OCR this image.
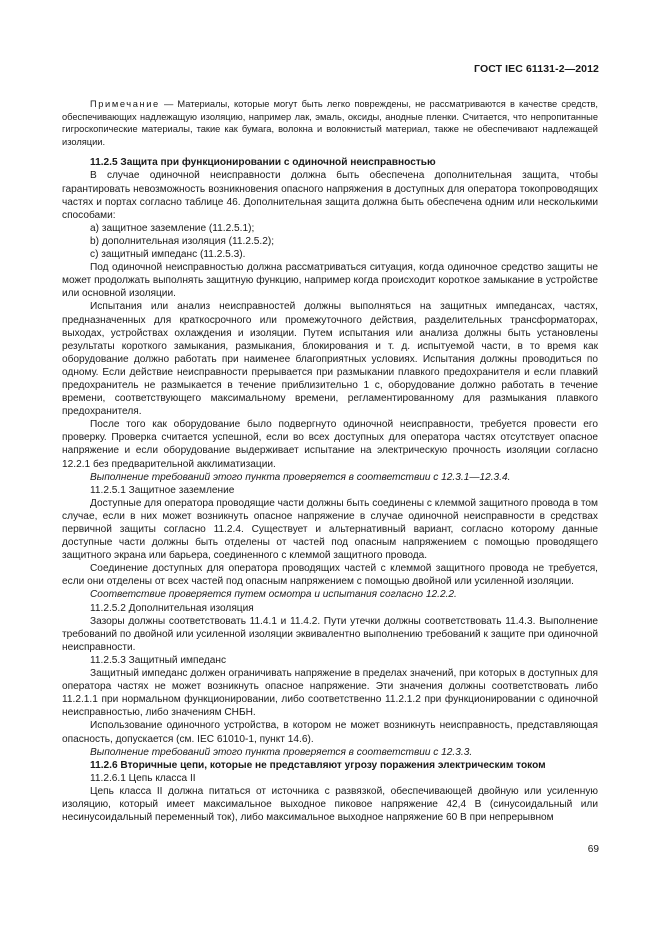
ГОСТ IEC 61131-2—2012

Примечание — Материалы, которые могут быть легко повреждены, не рассматриваются в качестве средств, обеспечивающих надлежащую изоляцию, например лак, эмаль, оксиды, анодные пленки. Считается, что непропитанные гигроскопические материалы, такие как бумага, волокна и волокнистый материал, также не обеспечивают надлежащей изоляции.

11.2.5 Защита при функционировании с одиночной неисправностью

В случае одиночной неисправности должна быть обеспечена дополнительная защита, чтобы гарантировать невозможность возникновения опасного напряжения в доступных для оператора токопроводящих частях и портах согласно таблице 46. Дополнительная защита должна быть обеспечена одним или несколькими способами:

a) защитное заземление (11.2.5.1);

b) дополнительная изоляция (11.2.5.2);

c) защитный импеданс (11.2.5.3).

Под одиночной неисправностью должна рассматриваться ситуация, когда одиночное средство защиты не может продолжать выполнять защитную функцию, например когда происходит короткое замыкание в устройстве или основной изоляции.

Испытания или анализ неисправностей должны выполняться на защитных импедансах, частях, предназначенных для краткосрочного или промежуточного действия, разделительных трансформаторах, выходах, устройствах охлаждения и изоляции. Путем испытания или анализа должны быть установлены результаты короткого замыкания, размыкания, блокирования и т. д. испытуемой части, в то время как оборудование должно работать при наименее благоприятных условиях. Испытания должны проводиться по одному. Если действие неисправности прерывается при размыкании плавкого предохранителя и если плавкий предохранитель не размыкается в течение приблизительно 1 с, оборудование должно работать в течение времени, соответствующего максимальному времени, регламентированному для размыкания плавкого предохранителя.

После того как оборудование было подвергнуто одиночной неисправности, требуется провести его проверку. Проверка считается успешной, если во всех доступных для оператора частях отсутствует опасное напряжение и если оборудование выдерживает испытание на электрическую прочность изоляции согласно 12.2.1 без предварительной акклиматизации.

Выполнение требований этого пункта проверяется в соответствии с 12.3.1—12.3.4.

11.2.5.1 Защитное заземление

Доступные для оператора проводящие части должны быть соединены с клеммой защитного провода в том случае, если в них может возникнуть опасное напряжение в случае одиночной неисправности в средствах первичной защиты согласно 11.2.4. Существует и альтернативный вариант, согласно которому данные доступные части должны быть отделены от частей под опасным напряжением с помощью проводящего защитного экрана или барьера, соединенного с клеммой защитного провода.

Соединение доступных для оператора проводящих частей с клеммой защитного провода не требуется, если они отделены от всех частей под опасным напряжением с помощью двойной или усиленной изоляции.

Соответствие проверяется путем осмотра и испытания согласно 12.2.2.

11.2.5.2 Дополнительная изоляция

Зазоры должны соответствовать 11.4.1 и 11.4.2. Пути утечки должны соответствовать 11.4.3. Выполнение требований по двойной или усиленной изоляции эквивалентно выполнению требований к защите при одиночной неисправности.

11.2.5.3 Защитный импеданс

Защитный импеданс должен ограничивать напряжение в пределах значений, при которых в доступных для оператора частях не может возникнуть опасное напряжение. Эти значения должны соответствовать либо 11.2.1.1 при нормальном функционировании, либо соответственно 11.2.1.2 при функционировании с одиночной неисправностью, либо значениям СНБН.

Использование одиночного устройства, в котором не может возникнуть неисправность, представляющая опасность, допускается (см. IEC 61010-1, пункт 14.6).

Выполнение требований этого пункта проверяется в соответствии с 12.3.3.

11.2.6 Вторичные цепи, которые не представляют угрозу поражения электрическим током

11.2.6.1 Цепь класса II

Цепь класса II должна питаться от источника с развязкой, обеспечивающей двойную или усиленную изоляцию, который имеет максимальное выходное пиковое напряжение 42,4 В (синусоидальный или несинусоидальный переменный ток), либо максимальное выходное напряжение 60 В при непрерывном

69
